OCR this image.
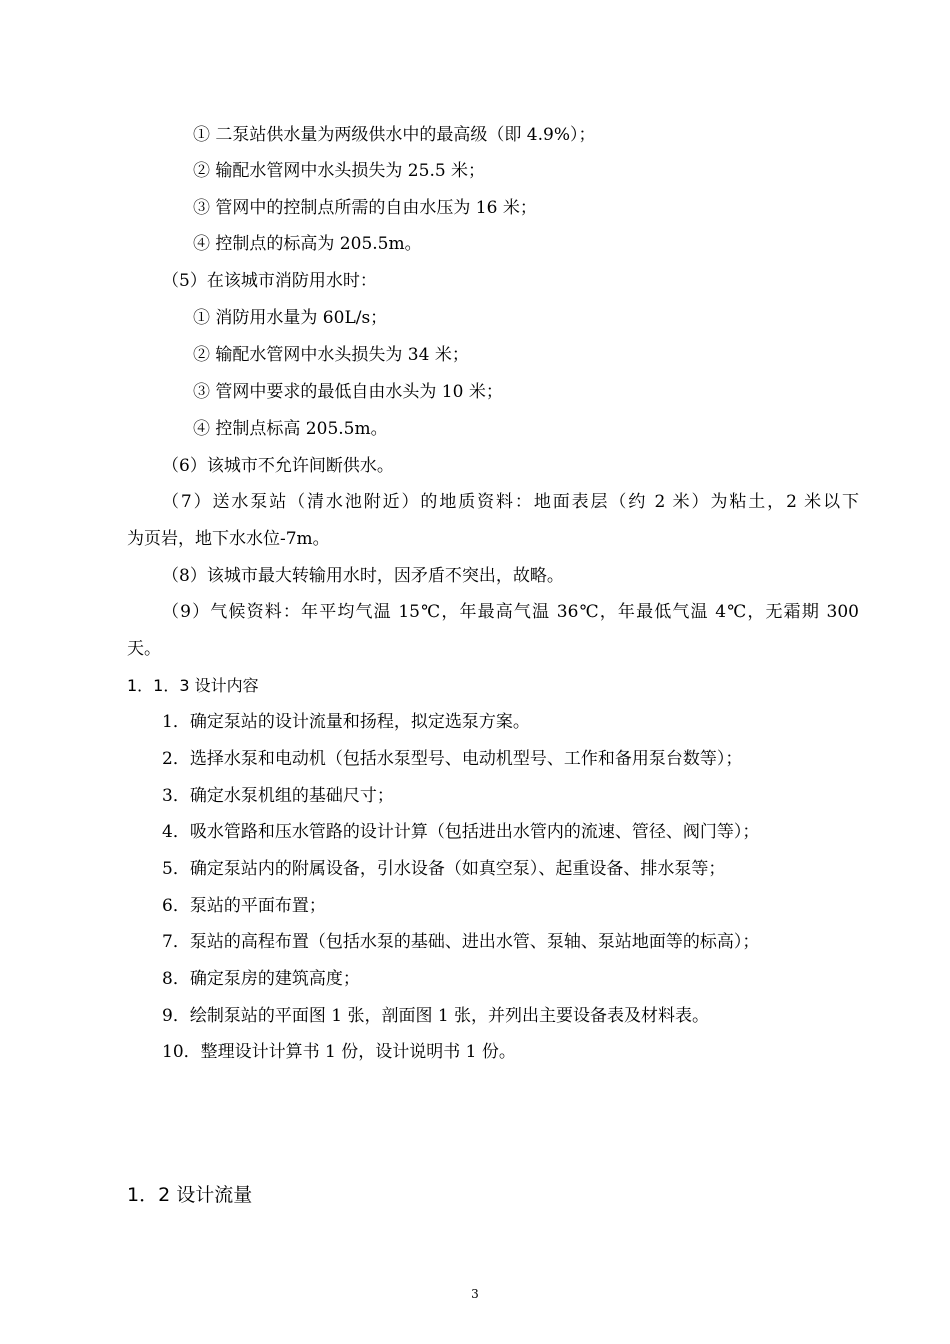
① 二泵站供水量为两级供水中的最高级（即 4.9%）；
② 输配水管网中水头损失为 25.5 米；
③ 管网中的控制点所需的自由水压为 16 米；
④ 控制点的标高为 205.5m。
（5）在该城市消防用水时：
① 消防用水量为 60L/s；
② 输配水管网中水头损失为 34 米；
③ 管网中要求的最低自由水头为 10 米；
④ 控制点标高 205.5m。
（6）该城市不允许间断供水。
（7）送水泵站（清水池附近）的地质资料：地面表层（约 2 米）为粘土，2 米以下
为页岩，地下水水位-7m。
（8）该城市最大转输用水时，因矛盾不突出，故略。
（9）气候资料：年平均气温 15℃，年最高气温 36℃，年最低气温 4℃，无霜期 300
天。
1．1．3 设计内容
1．确定泵站的设计流量和扬程，拟定选泵方案。
2．选择水泵和电动机（包括水泵型号、电动机型号、工作和备用泵台数等）；
3．确定水泵机组的基础尺寸；
4．吸水管路和压水管路的设计计算（包括进出水管内的流速、管径、阀门等）；
5．确定泵站内的附属设备，引水设备（如真空泵）、起重设备、排水泵等；
6．泵站的平面布置；
7．泵站的高程布置（包括水泵的基础、进出水管、泵轴、泵站地面等的标高）；
8．确定泵房的建筑高度；
9．绘制泵站的平面图 1 张，剖面图 1 张，并列出主要设备表及材料表。
10．整理设计计算书 1 份，设计说明书 1 份。
1．2 设计流量
3
